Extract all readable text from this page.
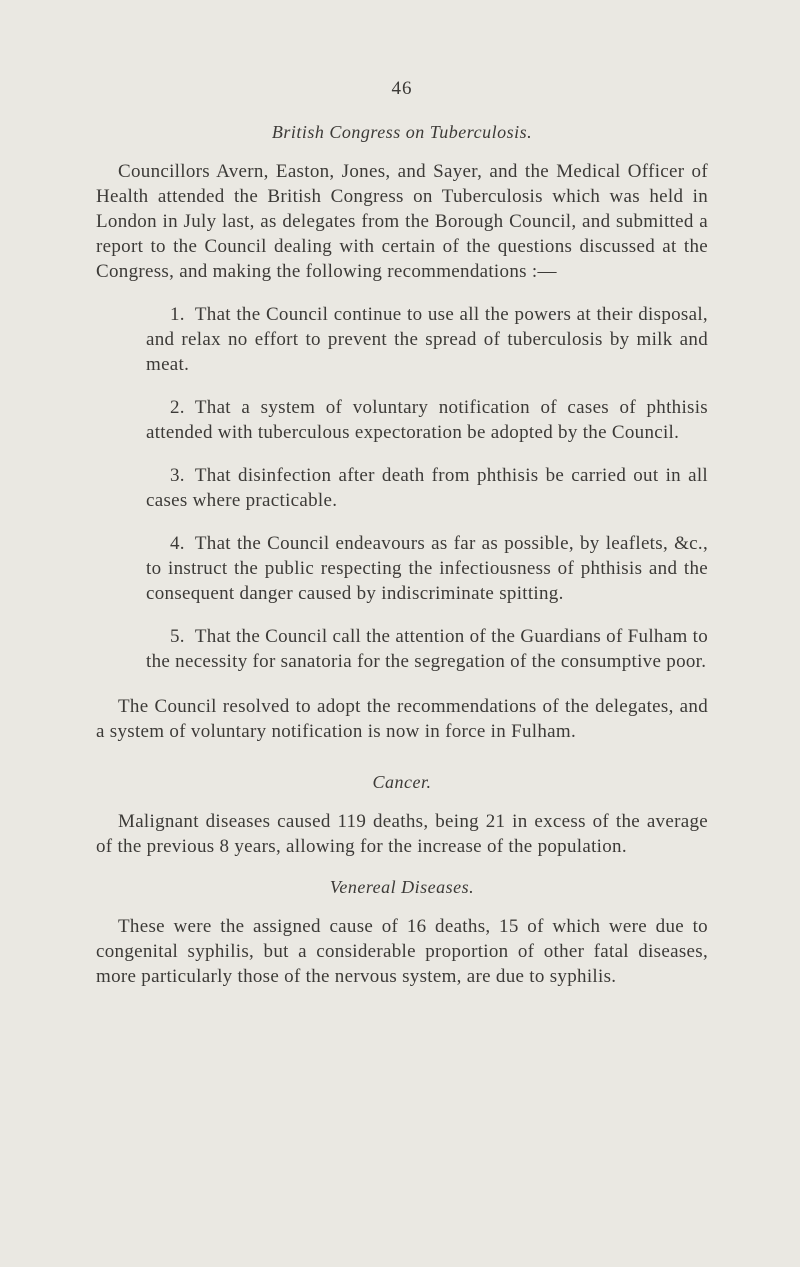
46
British Congress on Tuberculosis.

Councillors Avern, Easton, Jones, and Sayer, and the Medical Officer of Health attended the British Congress on Tuberculosis which was held in London in July last, as delegates from the Borough Council, and submitted a report to the Council dealing with certain of the questions discussed at the Congress, and making the following recommendations :—

1. That the Council continue to use all the powers at their disposal, and relax no effort to prevent the spread of tuberculosis by milk and meat.
2. That a system of voluntary notification of cases of phthisis attended with tuberculous expectoration be adopted by the Council.
3. That disinfection after death from phthisis be carried out in all cases where practicable.
4. That the Council endeavours as far as possible, by leaflets, &c., to instruct the public respecting the infectiousness of phthisis and the consequent danger caused by indiscriminate spitting.
5. That the Council call the attention of the Guardians of Fulham to the necessity for sanatoria for the segregation of the consumptive poor.

The Council resolved to adopt the recommendations of the delegates, and a system of voluntary notification is now in force in Fulham.

Cancer.

Malignant diseases caused 119 deaths, being 21 in excess of the average of the previous 8 years, allowing for the increase of the population.

Venereal Diseases.

These were the assigned cause of 16 deaths, 15 of which were due to congenital syphilis, but a considerable proportion of other fatal diseases, more particularly those of the nervous system, are due to syphilis.
